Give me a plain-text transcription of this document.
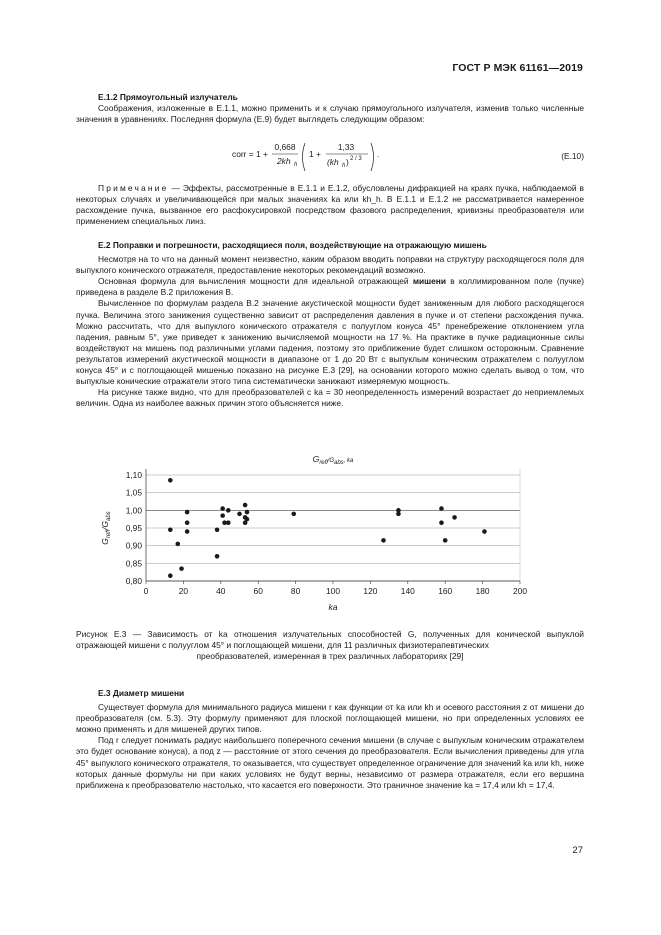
ГОСТ Р МЭК 61161—2019
E.1.2 Прямоугольный излучатель

Соображения, изложенные в E.1.1, можно применить и к случаю прямоугольного излучателя, изменив только численные значения в уравнениях. Последняя формула (E.9) будет выглядеть следующим образом:

corr = 1 +
0,668
2kh h
1 +
1,33
(kh h ) 2 / 3 .	(E.10)

Примечание — Эффекты, рассмотренные в E.1.1 и E.1.2, обусловлены дифракцией на краях пучка, наблюдаемой в некоторых случаях и увеличивающейся при малых значениях ka или kh_h. В E.1.1 и E.1.2 не рассматривается намеренное расхождение пучка, вызванное его расфокусировкой посредством фазового распределения, кривизны преобразователя или применением специальных линз.

E.2 Поправки и погрешности, расходящиеся поля, воздействующие на отражающую мишень

Несмотря на то что на данный момент неизвестно, каким образом вводить поправки на структуру расходящегося поля для выпуклого конического отражателя, предоставление некоторых рекомендаций возможно.

Основная формула для вычисления мощности для идеальной отражающей мишени в коллимированном поле (пучке) приведена в разделе B.2 приложения B.

Вычисленное по формулам раздела B.2 значение акустической мощности будет заниженным для любого расходящегося пучка. Величина этого занижения существенно зависит от распределения давления в пучке и от степени расхождения пучка. Можно рассчитать, что для выпуклого конического отражателя с полууглом конуса 45° пренебрежение отклонением угла падения, равным 5°, уже приведет к занижению вычисляемой мощности на 17 %. На практике в пучке радиационные силы воздействуют на мишень под различными углами падения, поэтому это приближение будет слишком осторожным. Сравнение результатов измерений акустической мощности в диапазоне от 1 до 20 Вт с выпуклым коническим отражателем с полууглом конуса 45° и с поглощающей мишенью показано на рисунке E.3 [29], на основании которого можно сделать вывод о том, что выпуклые конические отражатели этого типа систематически занижают измеряемую мощность.

На рисунке также видно, что для преобразователей с ka = 30 неопределенность измерений возрастает до неприемлемых величин. Одна из наиболее важных причин этого объясняется ниже.

0,80
0,85
0,90
0,95
1,00
1,05
1,10
0	20	40	60	80	100	120	140	160	180	200
$G_{refl}^{/G}_{abs}^{, ka}$
$G_{refl}/G_{abs}$
ka
Рисунок E.3 — Зависимость от ka отношения излучательных способностей G, полученных для конической выпуклой отражающей мишени с полууглом 45° и поглощающей мишени, для 11 различных физиотерапевтических
преобразователей, измеренная в трех различных лабораториях [29]
E.3 Диаметр мишени

Существует формула для минимального радиуса мишени r как функции от ka или kh и осевого расстояния z от мишени до преобразователя (см. 5.3). Эту формулу применяют для плоской поглощающей мишени, но при определенных условиях ее можно применять и для мишеней других типов.

Под r следует понимать радиус наибольшего поперечного сечения мишени (в случае с выпуклым коническим отражателем это будет основание конуса), а под z — расстояние от этого сечения до преобразователя. Если вычисления приведены для угла 45° выпуклого конического отражателя, то оказывается, что существует определенное ограничение для значений ka или kh, ниже которых данные формулы ни при каких условиях не будут верны, независимо от размера отражателя, если его вершина приближена к преобразователю настолько, что касается его поверхности. Это граничное значение ka = 17,4 или kh = 17,4.

27
